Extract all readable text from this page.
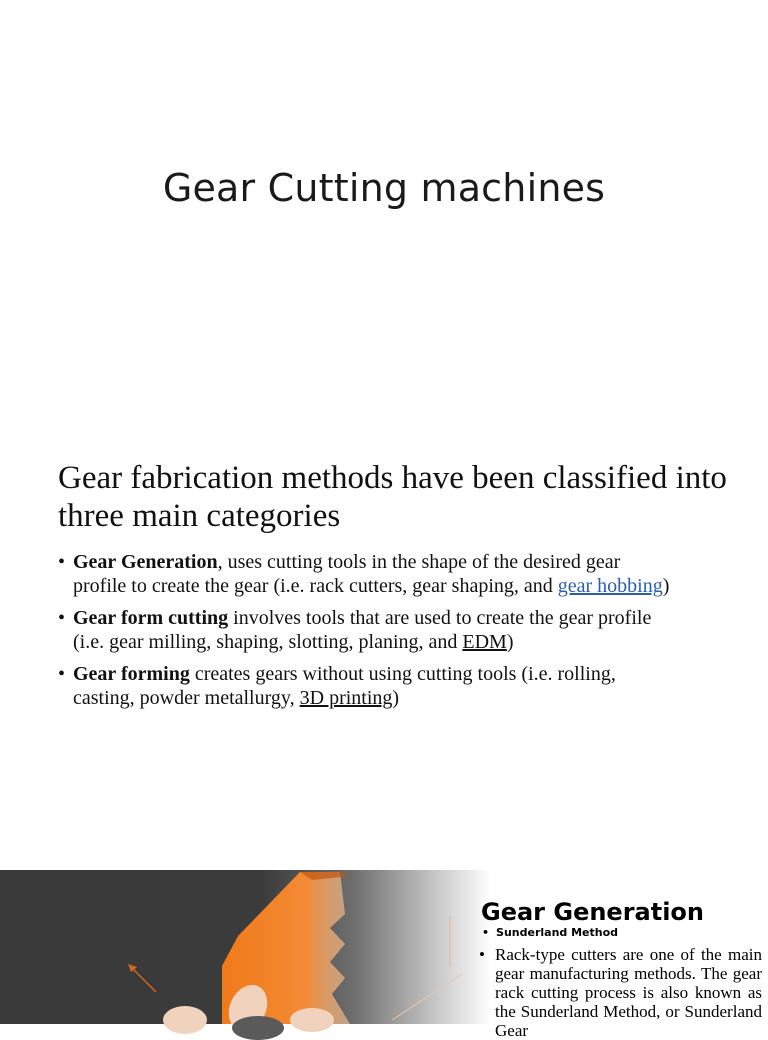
Gear Cutting machines
Gear fabrication methods have been classified into three main categories
• Gear Generation, uses cutting tools in the shape of the desired gear profile to create the gear (i.e. rack cutters, gear shaping, and gear hobbing)
• Gear form cutting involves tools that are used to create the gear profile (i.e. gear milling, shaping, slotting, planing, and EDM)
• Gear forming creates gears without using cutting tools (i.e. rolling, casting, powder metallurgy, 3D printing)
Gear Generation
• Sunderland Method
• Rack-type cutters are one of the main gear manufacturing methods. The gear rack cutting process is also known as the Sunderland Method, or Sunderland Gear
